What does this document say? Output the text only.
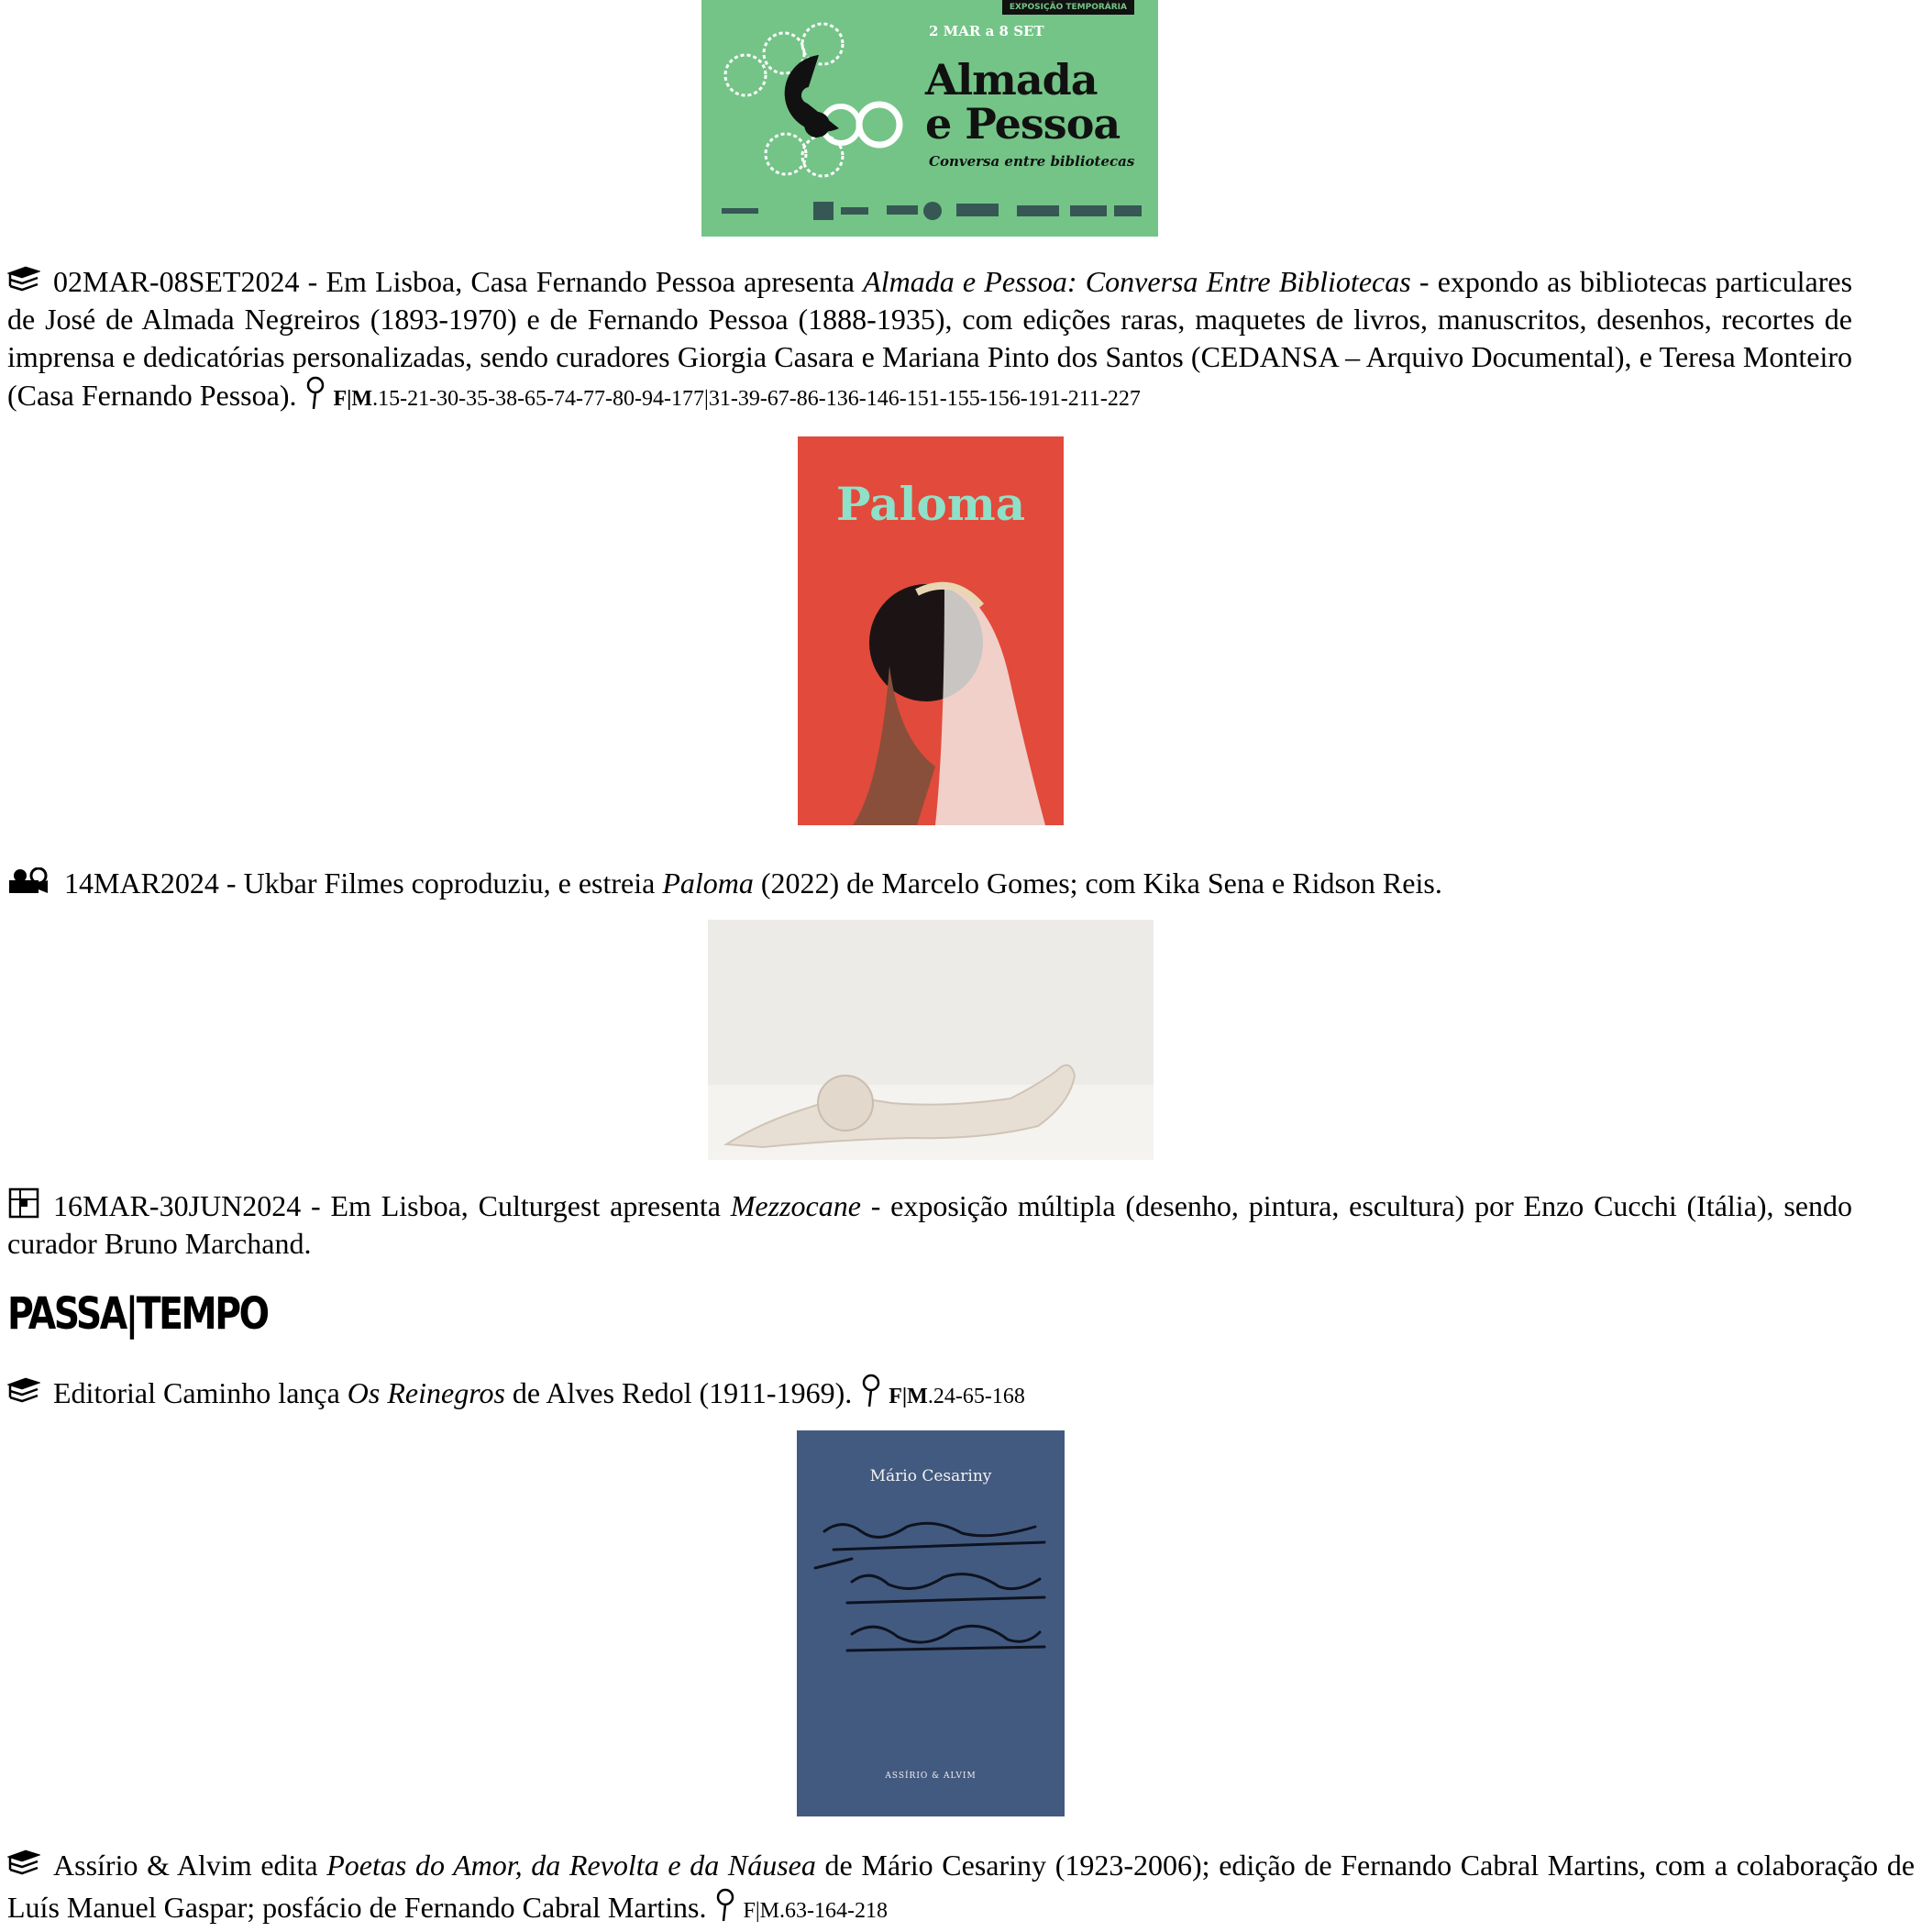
EXPOSIÇÃO TEMPORÁRIA
2 MAR a 8 SET
Almada
e Pessoa
Conversa entre bibliotecas
02MAR-08SET2024 - Em Lisboa, Casa Fernando Pessoa apresenta Almada e Pessoa: Conversa Entre Bibliotecas - expondo as bibliotecas particulares de José de Almada Negreiros (1893-1970) e de Fernando Pessoa (1888-1935), com edições raras, maquetes de livros, manuscritos, desenhos, recortes de imprensa e dedicatórias personalizadas, sendo curadores Giorgia Casara e Mariana Pinto dos Santos (CEDANSA – Arquivo Documental), e Teresa Monteiro (Casa Fernando Pessoa). F|M.15-21-30-35-38-65-74-77-80-94-177|31-39-67-86-136-146-151-155-156-191-211-227
Paloma
14MAR2024 - Ukbar Filmes coproduziu, e estreia Paloma (2022) de Marcelo Gomes; com Kika Sena e Ridson Reis.
16MAR-30JUN2024 - Em Lisboa, Culturgest apresenta Mezzocane - exposição múltipla (desenho, pintura, escultura) por Enzo Cucchi (Itália), sendo curador Bruno Marchand.
PASSA|TEMPO
Editorial Caminho lança Os Reinegros de Alves Redol (1911-1969). F|M.24-65-168
Mário Cesariny
ASSÍRIO & ALVIM
Assírio & Alvim edita Poetas do Amor, da Revolta e da Náusea de Mário Cesariny (1923-2006); edição de Fernando Cabral Martins, com a colaboração de Luís Manuel Gaspar; posfácio de Fernando Cabral Martins. F|M.63-164-218
